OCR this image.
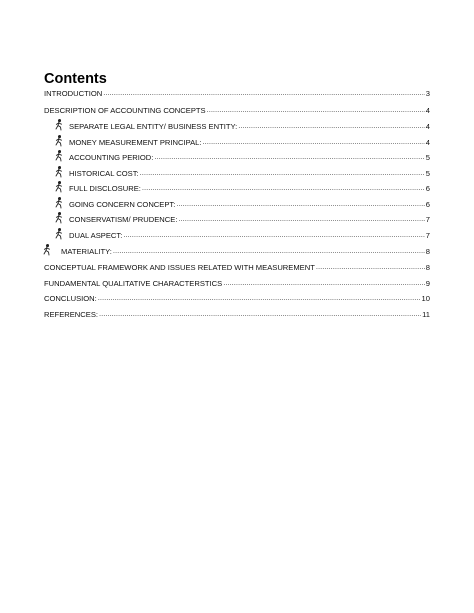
Contents
INTRODUCTION .....	3
DESCRIPTION OF ACCOUNTING CONCEPTS .....	4
SEPARATE LEGAL ENTITY/ BUSINESS ENTITY: .....	4
MONEY MEASUREMENT PRINCIPAL: .....	4
ACCOUNTING PERIOD: .....	5
HISTORICAL COST: .....	5
FULL DISCLOSURE: .....	6
GOING CONCERN CONCEPT: .....	6
CONSERVATISM/ PRUDENCE: .....	7
DUAL ASPECT: .....	7
MATERIALITY: .....	8
CONCEPTUAL FRAMEWORK AND ISSUES RELATED WITH MEASUREMENT .....	8
FUNDAMENTAL QUALITATIVE CHARACTERSTICS .....	9
CONCLUSION: .....	10
REFERENCES: .....	11
